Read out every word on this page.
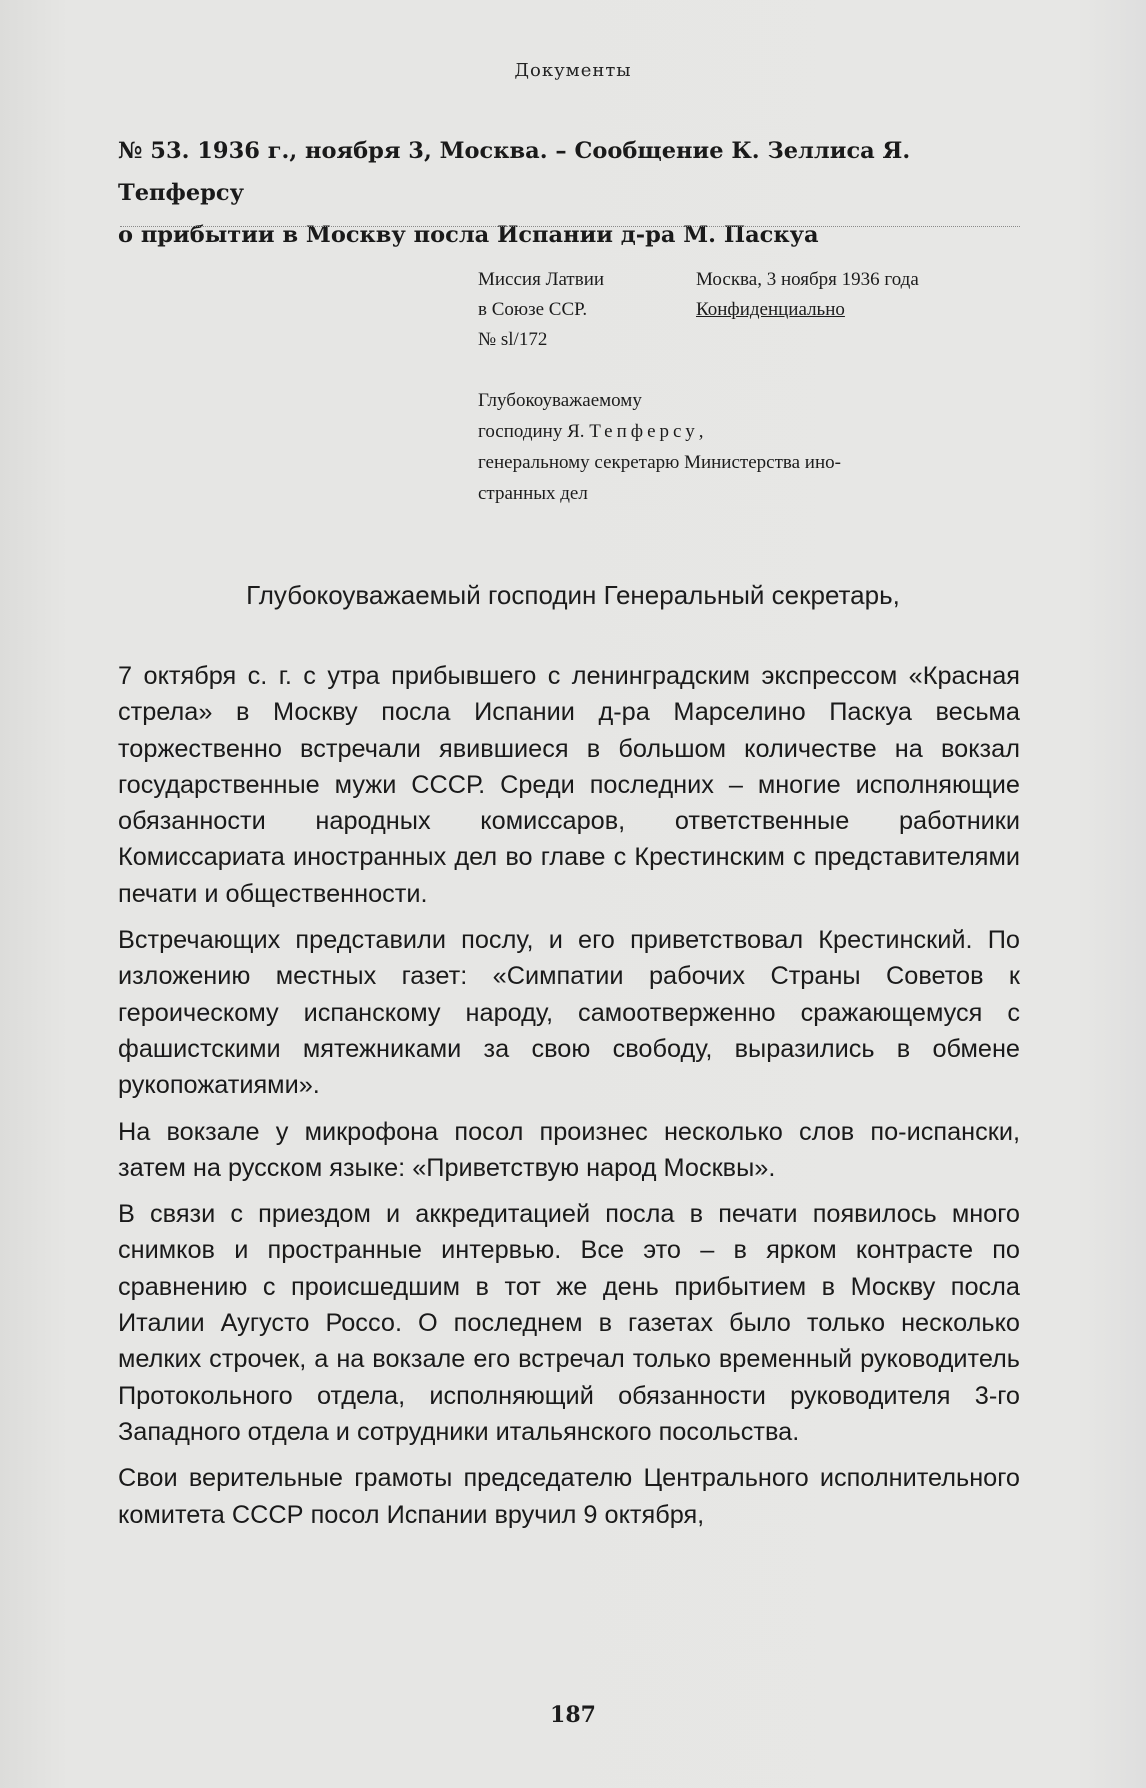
Документы
№ 53. 1936 г., ноября 3, Москва. – Сообщение К. Зеллиса Я. Тепферсу
о прибытии в Москву посла Испании д-ра М. Паскуа
Миссия Латвии
в Союзе ССР.
№ sl/172
Москва, 3 ноября 1936 года
Конфиденциально
Глубокоуважаемому
господину Я. Тепферсу,
генеральному секретарю Министерства ино-
странных дел
Глубокоуважаемый господин Генеральный секретарь,

7 октября с. г. с утра прибывшего с ленинградским экспрессом «Красная стрела» в Москву посла Испании д-ра Марселино Паскуа весьма торжественно встречали явившиеся в большом количестве на вокзал государственные мужи СССР. Среди последних – многие исполняющие обязанности народных комиссаров, ответственные работники Комиссариата иностранных дел во главе с Крестинским с представителями печати и общественности.

Встречающих представили послу, и его приветствовал Крестинский. По изложению местных газет: «Симпатии рабочих Страны Советов к героическому испанскому народу, самоотверженно сражающемуся с фашистскими мятежниками за свою свободу, выразились в обмене рукопожатиями».

На вокзале у микрофона посол произнес несколько слов по-испански, затем на русском языке: «Приветствую народ Москвы».

В связи с приездом и аккредитацией посла в печати появилось много снимков и пространные интервью. Все это – в ярком контрасте по сравнению с происшедшим в тот же день прибытием в Москву посла Италии Аугусто Россо. О последнем в газетах было только несколько мелких строчек, а на вокзале его встречал только временный руководитель Протокольного отдела, исполняющий обязанности руководителя 3-го Западного отдела и сотрудники итальянского посольства.

Свои верительные грамоты председателю Центрального исполнительного комитета СССР посол Испании вручил 9 октября,

187
